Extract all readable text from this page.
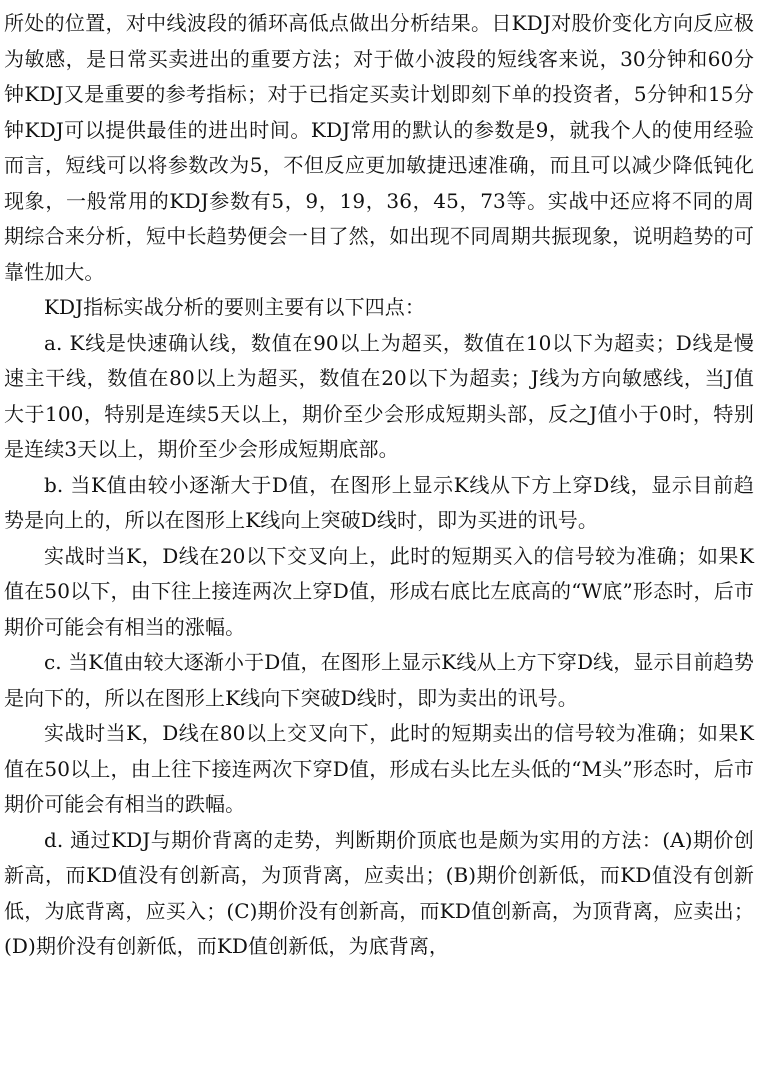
所处的位置，对中线波段的循环高低点做出分析结果。日KDJ对股价变化方向反应极为敏感，是日常买卖进出的重要方法；对于做小波段的短线客来说，30分钟和60分钟KDJ又是重要的参考指标；对于已指定买卖计划即刻下单的投资者，5分钟和15分钟KDJ可以提供最佳的进出时间。KDJ常用的默认的参数是9，就我个人的使用经验而言，短线可以将参数改为5，不但反应更加敏捷迅速准确，而且可以减少降低钝化现象，一般常用的KDJ参数有5，9，19，36，45，73等。实战中还应将不同的周期综合来分析，短中长趋势便会一目了然，如出现不同周期共振现象，说明趋势的可靠性加大。

KDJ指标实战分析的要则主要有以下四点：

a. K线是快速确认线，数值在90以上为超买，数值在10以下为超卖；D线是慢速主干线，数值在80以上为超买，数值在20以下为超卖；J线为方向敏感线，当J值大于100，特别是连续5天以上，期价至少会形成短期头部，反之J值小于0时，特别是连续3天以上，期价至少会形成短期底部。

b. 当K值由较小逐渐大于D值，在图形上显示K线从下方上穿D线，显示目前趋势是向上的，所以在图形上K线向上突破D线时，即为买进的讯号。

实战时当K，D线在20以下交叉向上，此时的短期买入的信号较为准确；如果K值在50以下，由下往上接连两次上穿D值，形成右底比左底高的“W底”形态时，后市期价可能会有相当的涨幅。

c. 当K值由较大逐渐小于D值，在图形上显示K线从上方下穿D线，显示目前趋势是向下的，所以在图形上K线向下突破D线时，即为卖出的讯号。

实战时当K，D线在80以上交叉向下，此时的短期卖出的信号较为准确；如果K值在50以上，由上往下接连两次下穿D值，形成右头比左头低的“M头”形态时，后市期价可能会有相当的跌幅。

d. 通过KDJ与期价背离的走势，判断期价顶底也是颇为实用的方法：(A)期价创新高，而KD值没有创新高，为顶背离，应卖出；(B)期价创新低，而KD值没有创新低，为底背离，应买入；(C)期价没有创新高，而KD值创新高，为顶背离，应卖出；(D)期价没有创新低，而KD值创新低，为底背离，
